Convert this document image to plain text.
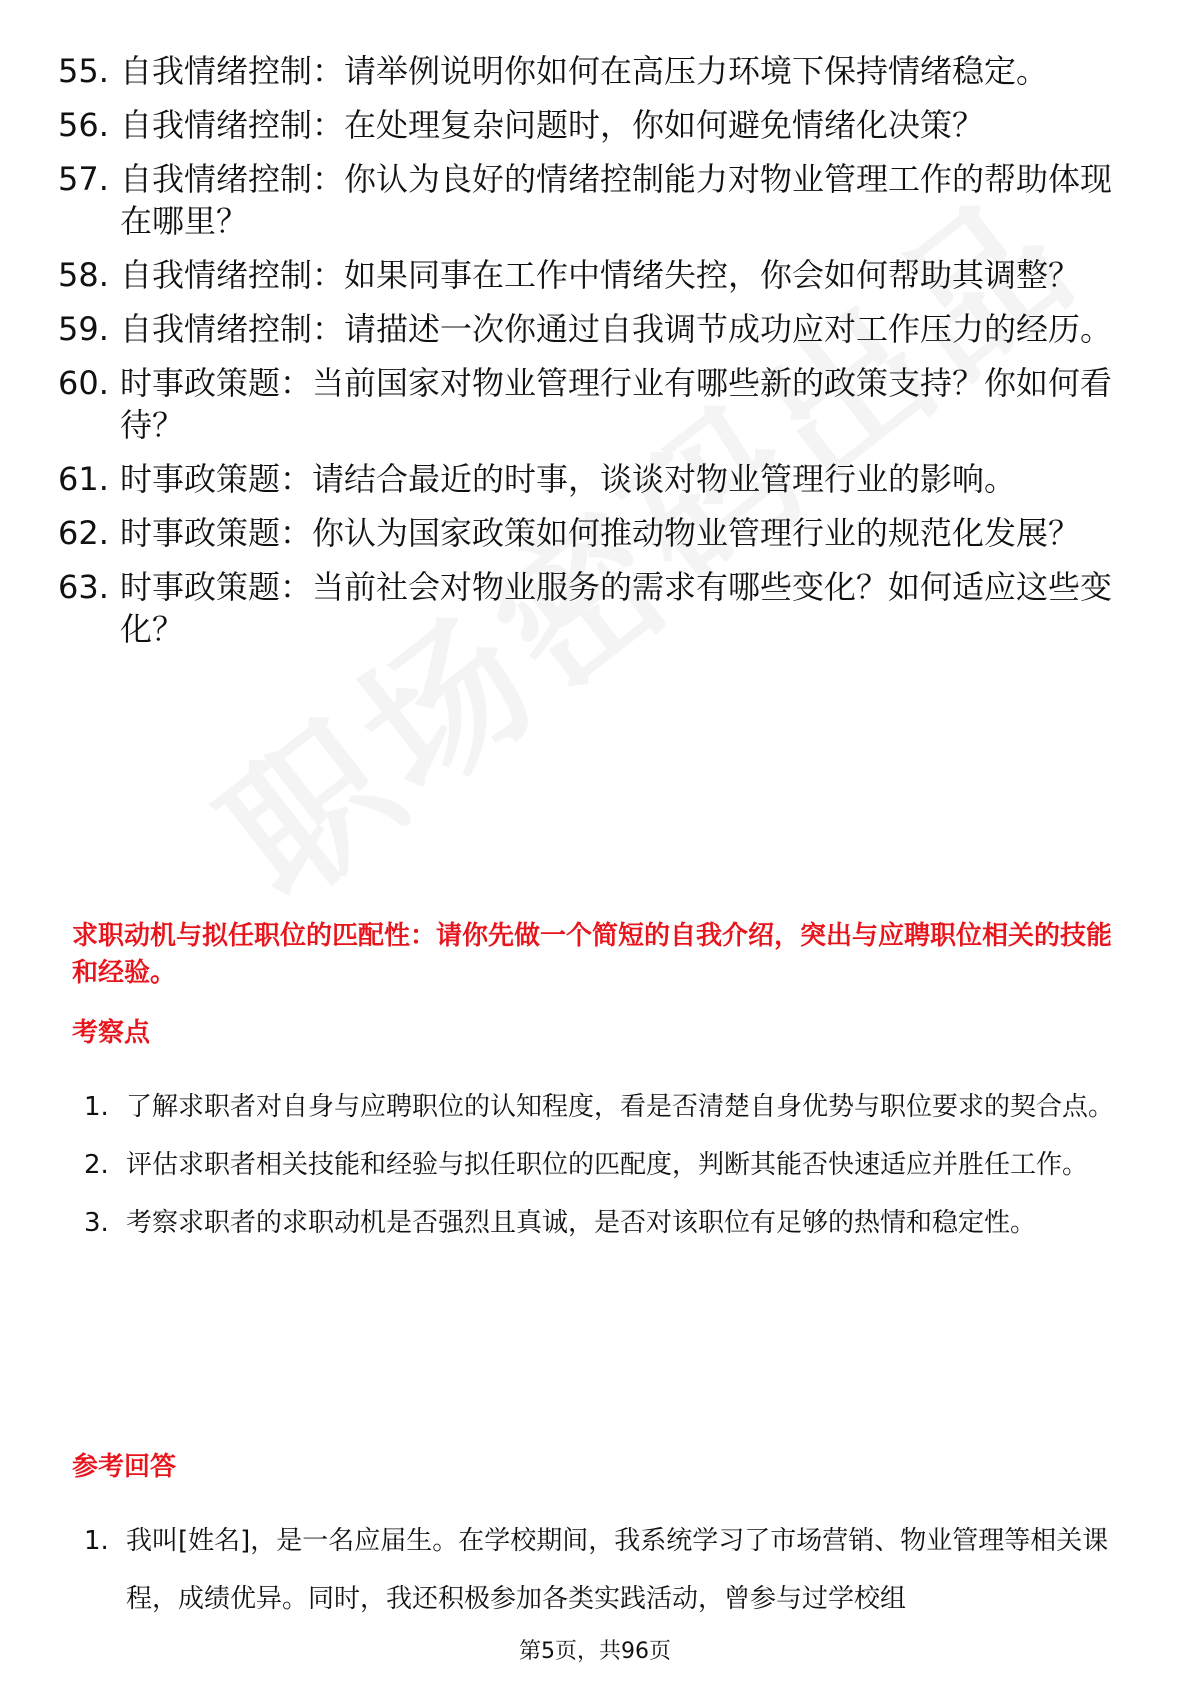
55. 自我情绪控制：请举例说明你如何在高压力环境下保持情绪稳定。
56. 自我情绪控制：在处理复杂问题时，你如何避免情绪化决策？
57. 自我情绪控制：你认为良好的情绪控制能力对物业管理工作的帮助体现在哪里？
58. 自我情绪控制：如果同事在工作中情绪失控，你会如何帮助其调整？
59. 自我情绪控制：请描述一次你通过自我调节成功应对工作压力的经历。
60. 时事政策题：当前国家对物业管理行业有哪些新的政策支持？你如何看待？
61. 时事政策题：请结合最近的时事，谈谈对物业管理行业的影响。
62. 时事政策题：你认为国家政策如何推动物业管理行业的规范化发展？
63. 时事政策题：当前社会对物业服务的需求有哪些变化？如何适应这些变化？
求职动机与拟任职位的匹配性：请你先做一个简短的自我介绍，突出与应聘职位相关的技能和经验。
考察点
1. 了解求职者对自身与应聘职位的认知程度，看是否清楚自身优势与职位要求的契合点。
2. 评估求职者相关技能和经验与拟任职位的匹配度，判断其能否快速适应并胜任工作。
3. 考察求职者的求职动机是否强烈且真诚，是否对该职位有足够的热情和稳定性。
参考回答
1. 我叫[姓名]，是一名应届生。在学校期间，我系统学习了市场营销、物业管理等相关课程，成绩优异。同时，我还积极参加各类实践活动，曾参与过学校组
第5页，共96页
